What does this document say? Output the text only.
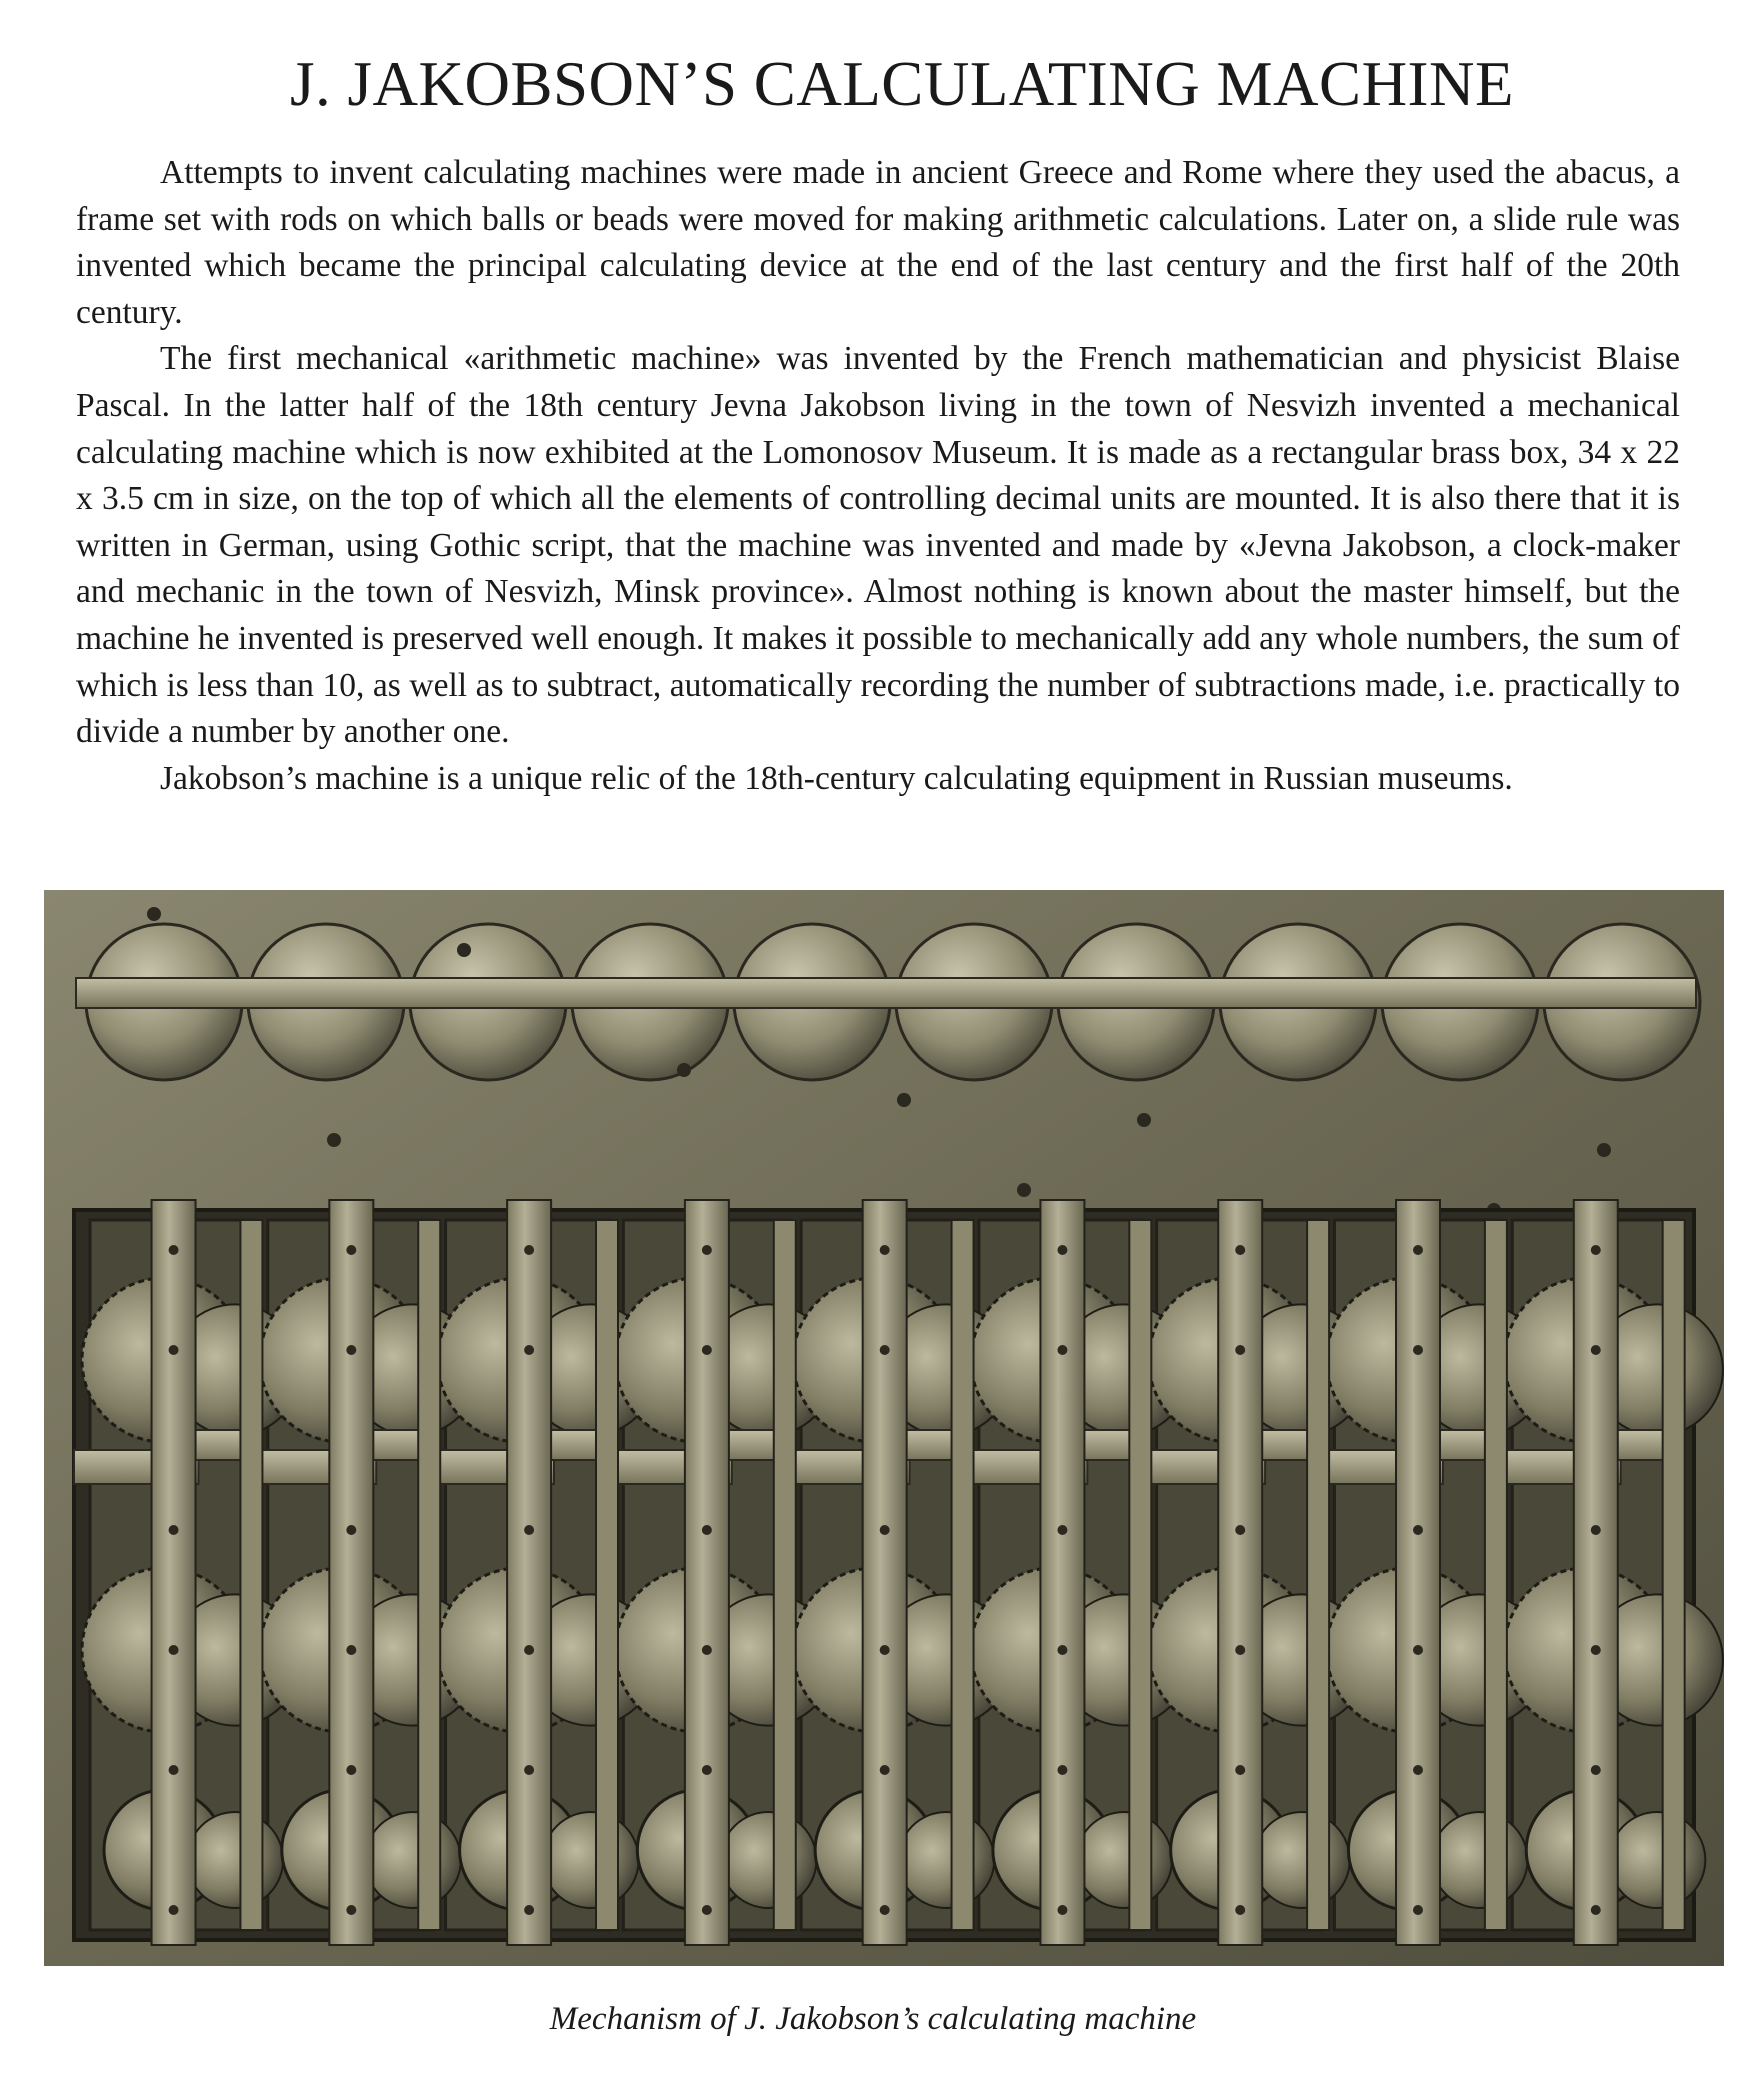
J. JAKOBSON’S CALCULATING MACHINE

Attempts to invent calculating machines were made in ancient Greece and Rome where they used the abacus, a frame set with rods on which balls or beads were moved for making arithmetic calculations. Later on, a slide rule was invented which became the principal calculating device at the end of the last century and the first half of the 20th century.

The first mechanical «arithmetic machine» was invented by the French mathematician and physicist Blaise Pascal. In the latter half of the 18th century Jevna Jakobson living in the town of Nesvizh invented a mechanical calculating machine which is now exhibited at the Lomonosov Museum. It is made as a rectangular brass box, 34 x 22 x 3.5 cm in size, on the top of which all the elements of controlling decimal units are mounted. It is also there that it is written in German, using Gothic script, that the machine was invented and made by «Jevna Jakobson, a clock-maker and mechanic in the town of Nesvizh, Minsk province». Almost nothing is known about the master himself, but the machine he invented is preserved well enough. It makes it possible to mechanically add any whole numbers, the sum of which is less than 10, as well as to subtract, automatically recording the number of subtractions made, i.e. practically to divide a number by another one.

Jakobson’s machine is a unique relic of the 18th-century calculating equipment in Russian museums.

Mechanism of J. Jakobson’s calculating machine
